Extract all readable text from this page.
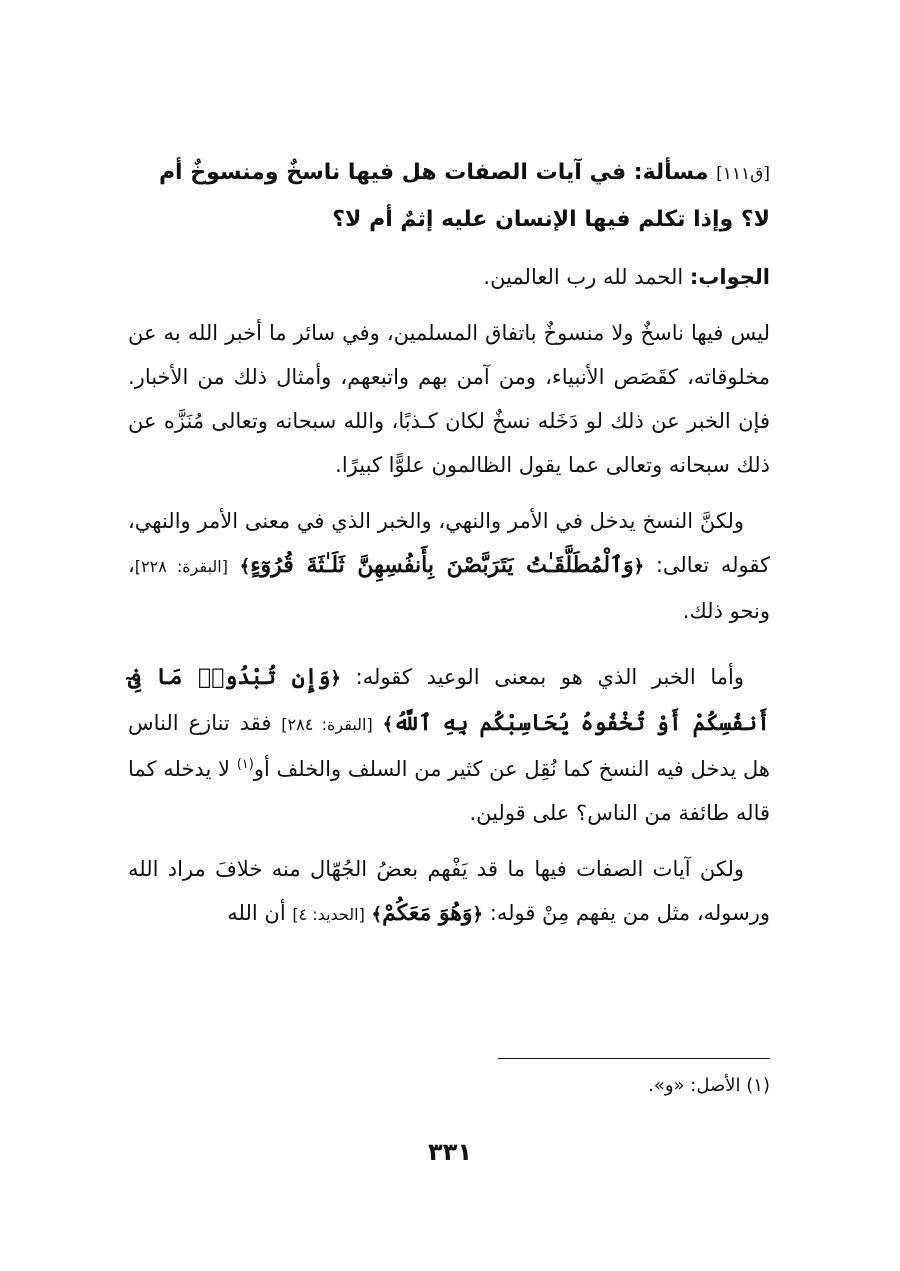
[ق١١١] مسألة: في آيات الصفات هل فيها ناسخٌ ومنسوخٌ أم لا؟ وإذا تكلم فيها الإنسان عليه إثمٌ أم لا؟

الجواب: الحمد لله رب العالمين.

ليس فيها ناسخٌ ولا منسوخٌ باتفاق المسلمين، وفي سائر ما أخبر الله به عن مخلوقاته، كقَصَص الأنبياء، ومن آمن بهم واتبعهم، وأمثال ذلك من الأخبار. فإن الخبر عن ذلك لو دَخَله نسخٌ لكان كـذبًا، والله سبحانه وتعالى مُنَزَّه عن ذلك سبحانه وتعالى عما يقول الظالمون علوًّا كبيرًا.

ولكنَّ النسخ يدخل في الأمر والنهي، والخبر الذي في معنى الأمر والنهي، كقوله تعالى: ﴿وَٱلْمُطَلَّقَـٰتُ يَتَرَبَّصْنَ بِأَنفُسِهِنَّ ثَلَـٰثَةَ قُرُوٓءٍ﴾ [البقرة: ٢٢٨]، ونحو ذلك.

وأما الخبر الذي هو بمعنى الوعيد كقوله: ﴿وَإِن تُبْدُوا۟ مَا فِىٓ أَنفُسِكُمْ أَوْ تُخْفُوهُ يُحَاسِبْكُم بِهِ ٱللَّهُ﴾ [البقرة: ٢٨٤] فقد تنازع الناس هل يدخل فيه النسخ كما نُقِل عن كثير من السلف والخلف أو$^{(١)}$ لا يدخله كما قاله طائفة من الناس؟ على قولين.

ولكن آيات الصفات فيها ما قد يَفْهم بعضُ الجُهّال منه خلافَ مراد الله ورسوله، مثل من يفهم مِنْ قوله: ﴿وَهُوَ مَعَكُمْ﴾ [الحديد: ٤] أن الله

(١) الأصل: «و».

٣٣١
